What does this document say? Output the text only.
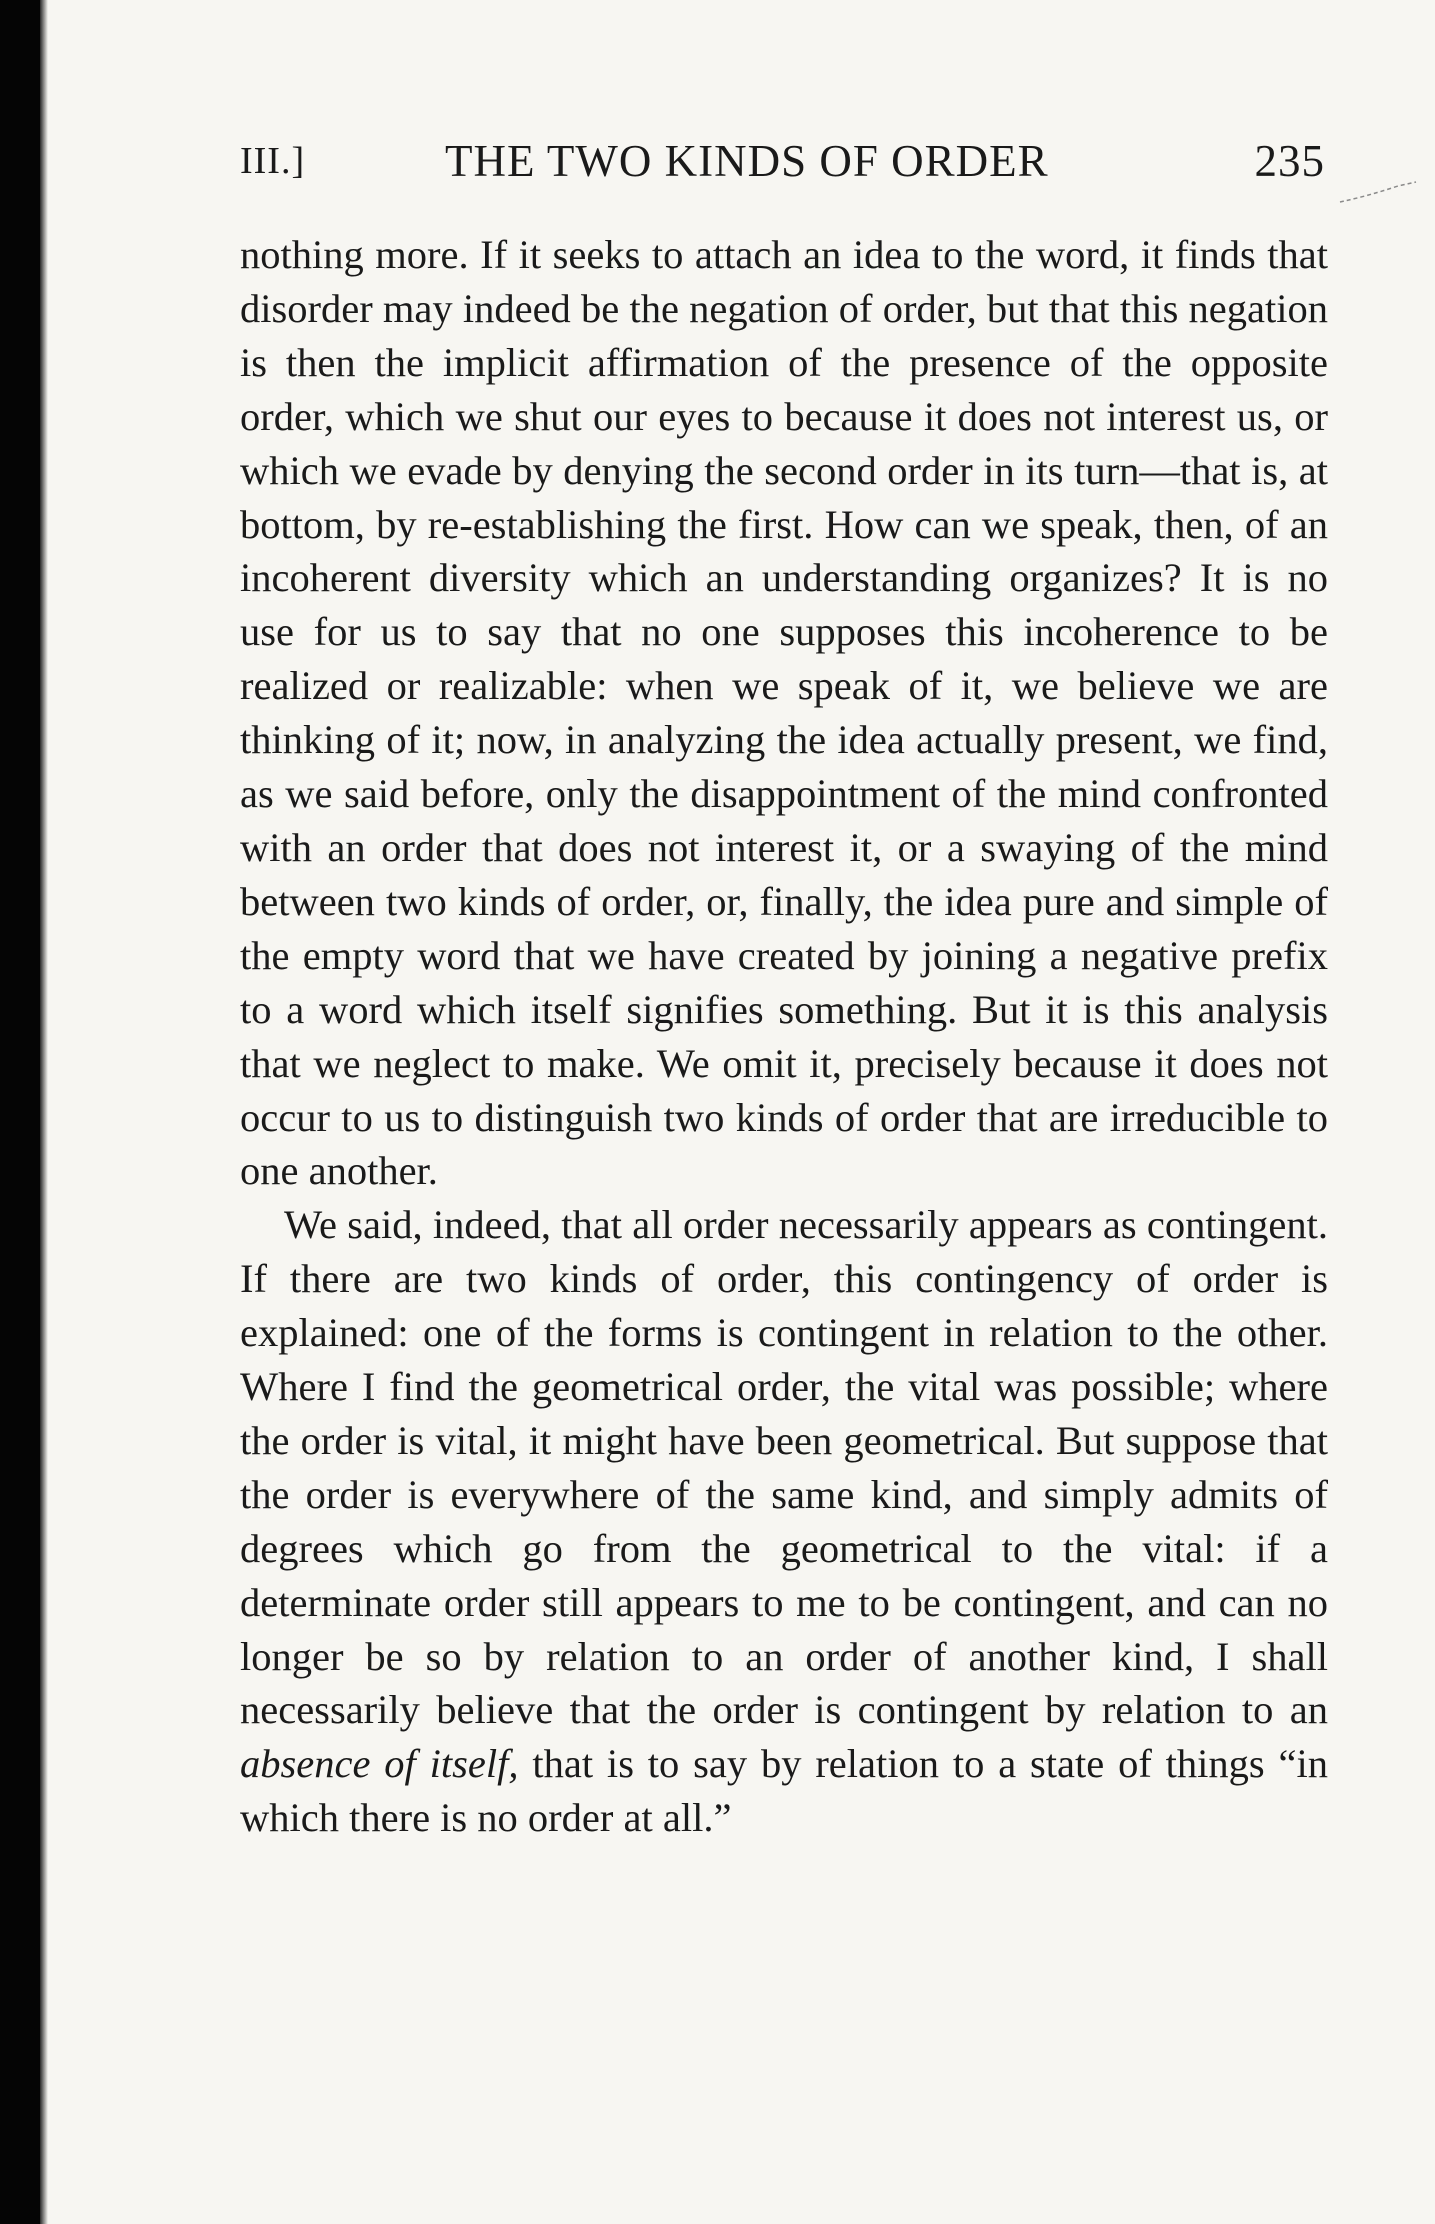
III.]	THE TWO KINDS OF ORDER	235

nothing more. If it seeks to attach an idea to the word, it finds that disorder may indeed be the negation of order, but that this negation is then the implicit affirmation of the presence of the opposite order, which we shut our eyes to because it does not interest us, or which we evade by denying the second order in its turn—that is, at bottom, by re-establishing the first. How can we speak, then, of an incoherent diversity which an understanding organizes? It is no use for us to say that no one supposes this incoherence to be realized or realizable: when we speak of it, we believe we are thinking of it; now, in analyzing the idea actually present, we find, as we said before, only the disappointment of the mind confronted with an order that does not interest it, or a swaying of the mind between two kinds of order, or, finally, the idea pure and simple of the empty word that we have created by joining a negative prefix to a word which itself signifies something. But it is this analysis that we neglect to make. We omit it, precisely because it does not occur to us to distinguish two kinds of order that are irreducible to one another.

We said, indeed, that all order necessarily appears as contingent. If there are two kinds of order, this contingency of order is explained: one of the forms is contingent in relation to the other. Where I find the geometrical order, the vital was possible; where the order is vital, it might have been geometrical. But suppose that the order is everywhere of the same kind, and simply admits of degrees which go from the geometrical to the vital: if a determinate order still appears to me to be contingent, and can no longer be so by relation to an order of another kind, I shall necessarily believe that the order is contingent by relation to an absence of itself, that is to say by relation to a state of things “in which there is no order at all.”
